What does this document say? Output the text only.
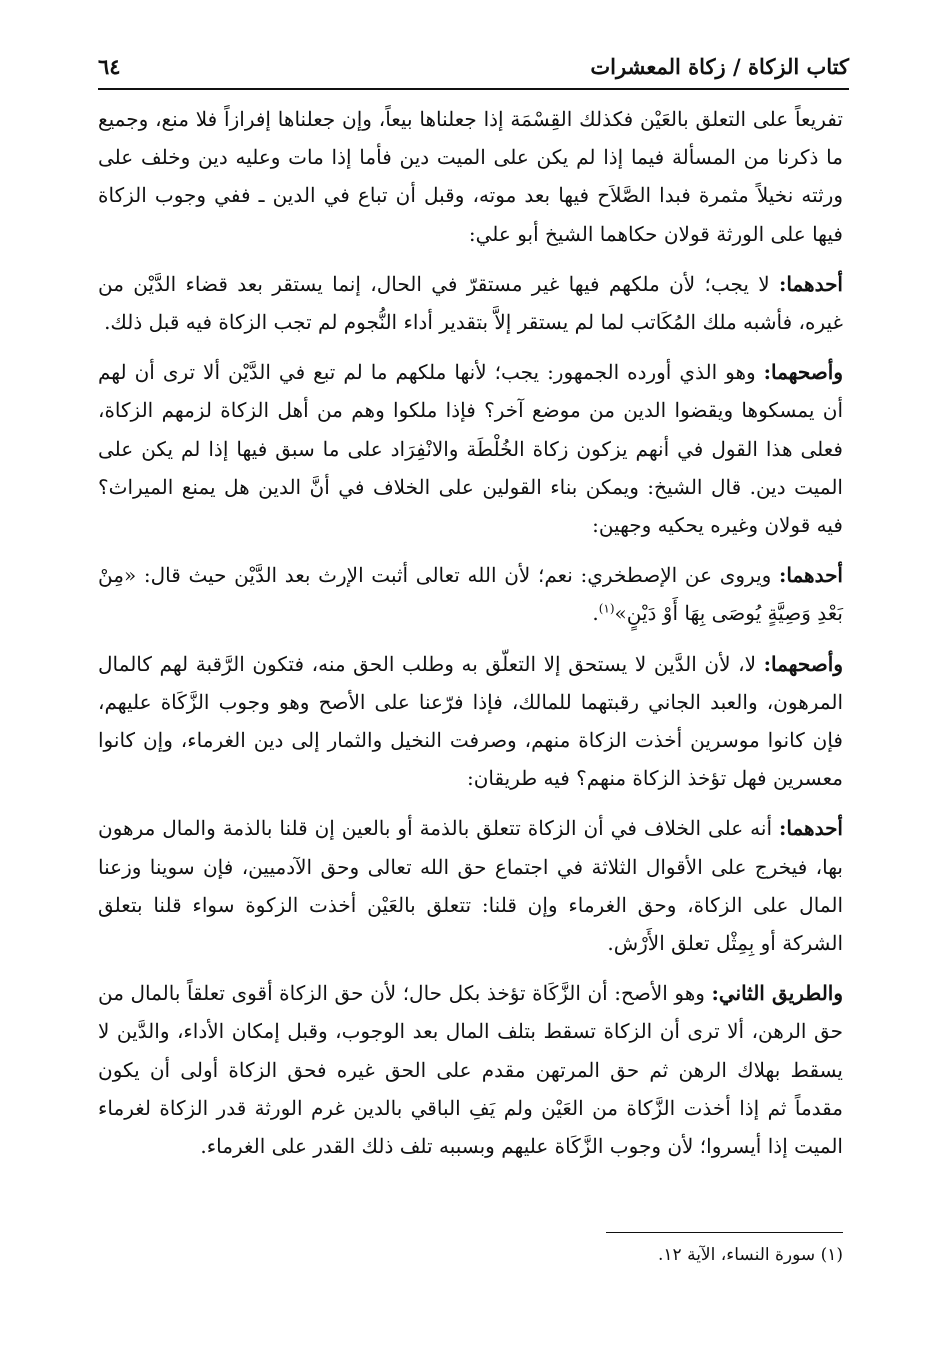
كتاب الزكاة / زكاة المعشرات
٦٤

تفريعاً على التعلق بالعَيْن فكذلك القِسْمَة إذا جعلناها بيعاً، وإن جعلناها إفرازاً فلا منع، وجميع ما ذكرنا من المسألة فيما إذا لم يكن على الميت دين فأما إذا مات وعليه دين وخلف على ورثته نخيلاً مثمرة فبدا الصَّلاَح فيها بعد موته، وقبل أن تباع في الدين ـ ففي وجوب الزكاة فيها على الورثة قولان حكاهما الشيخ أبو علي:

أحدهما: لا يجب؛ لأن ملكهم فيها غير مستقرّ في الحال، إنما يستقر بعد قضاء الدَّيْن من غيره، فأشبه ملك المُكَاتب لما لم يستقر إلاَّ بتقدير أداء النُّجوم لم تجب الزكاة فيه قبل ذلك.

وأصحهما: وهو الذي أورده الجمهور: يجب؛ لأنها ملكهم ما لم تبع في الدَّيْن ألا ترى أن لهم أن يمسكوها ويقضوا الدين من موضع آخر؟ فإذا ملكوا وهم من أهل الزكاة لزمهم الزكاة، فعلى هذا القول في أنهم يزكون زكاة الخُلْطَة والانْفِرَاد على ما سبق فيها إذا لم يكن على الميت دين. قال الشيخ: ويمكن بناء القولين على الخلاف في أنَّ الدين هل يمنع الميراث؟ فيه قولان وغيره يحكيه وجهين:

أحدهما: ويروى عن الإصطخري: نعم؛ لأن الله تعالى أثبت الإرث بعد الدَّيْن حيث قال: «مِنْ بَعْدِ وَصِيَّةٍ يُوصَى بِهَا أَوْ دَيْنٍ»$^{(١)}$.

وأصحهما: لا، لأن الدَّين لا يستحق إلا التعلّق به وطلب الحق منه، فتكون الرَّقبة لهم كالمال المرهون، والعبد الجاني رقبتهما للمالك، فإذا فرّعنا على الأصح وهو وجوب الزَّكَاة عليهم، فإن كانوا موسرين أخذت الزكاة منهم، وصرفت النخيل والثمار إلى دين الغرماء، وإن كانوا معسرين فهل تؤخذ الزكاة منهم؟ فيه طريقان:

أحدهما: أنه على الخلاف في أن الزكاة تتعلق بالذمة أو بالعين إن قلنا بالذمة والمال مرهون بها، فيخرج على الأقوال الثلاثة في اجتماع حق الله تعالى وحق الآدميين، فإن سوينا وزعنا المال على الزكاة، وحق الغرماء وإن قلنا: تتعلق بالعَيْن أخذت الزكوة سواء قلنا بتعلق الشركة أو بِمِثْل تعلق الأَرْش.

والطريق الثاني: وهو الأصح: أن الزَّكَاة تؤخذ بكل حال؛ لأن حق الزكاة أقوى تعلقاً بالمال من حق الرهن، ألا ترى أن الزكاة تسقط بتلف المال بعد الوجوب، وقبل إمكان الأداء، والدَّين لا يسقط بهلاك الرهن ثم حق المرتهن مقدم على الحق غيره فحق الزكاة أولى أن يكون مقدماً ثم إذا أخذت الزَّكاة من العَيْن ولم يَفِ الباقي بالدين غرم الورثة قدر الزكاة لغرماء الميت إذا أيسروا؛ لأن وجوب الزَّكَاة عليهم وبسببه تلف ذلك القدر على الغرماء.

(١) سورة النساء، الآية ١٢.
